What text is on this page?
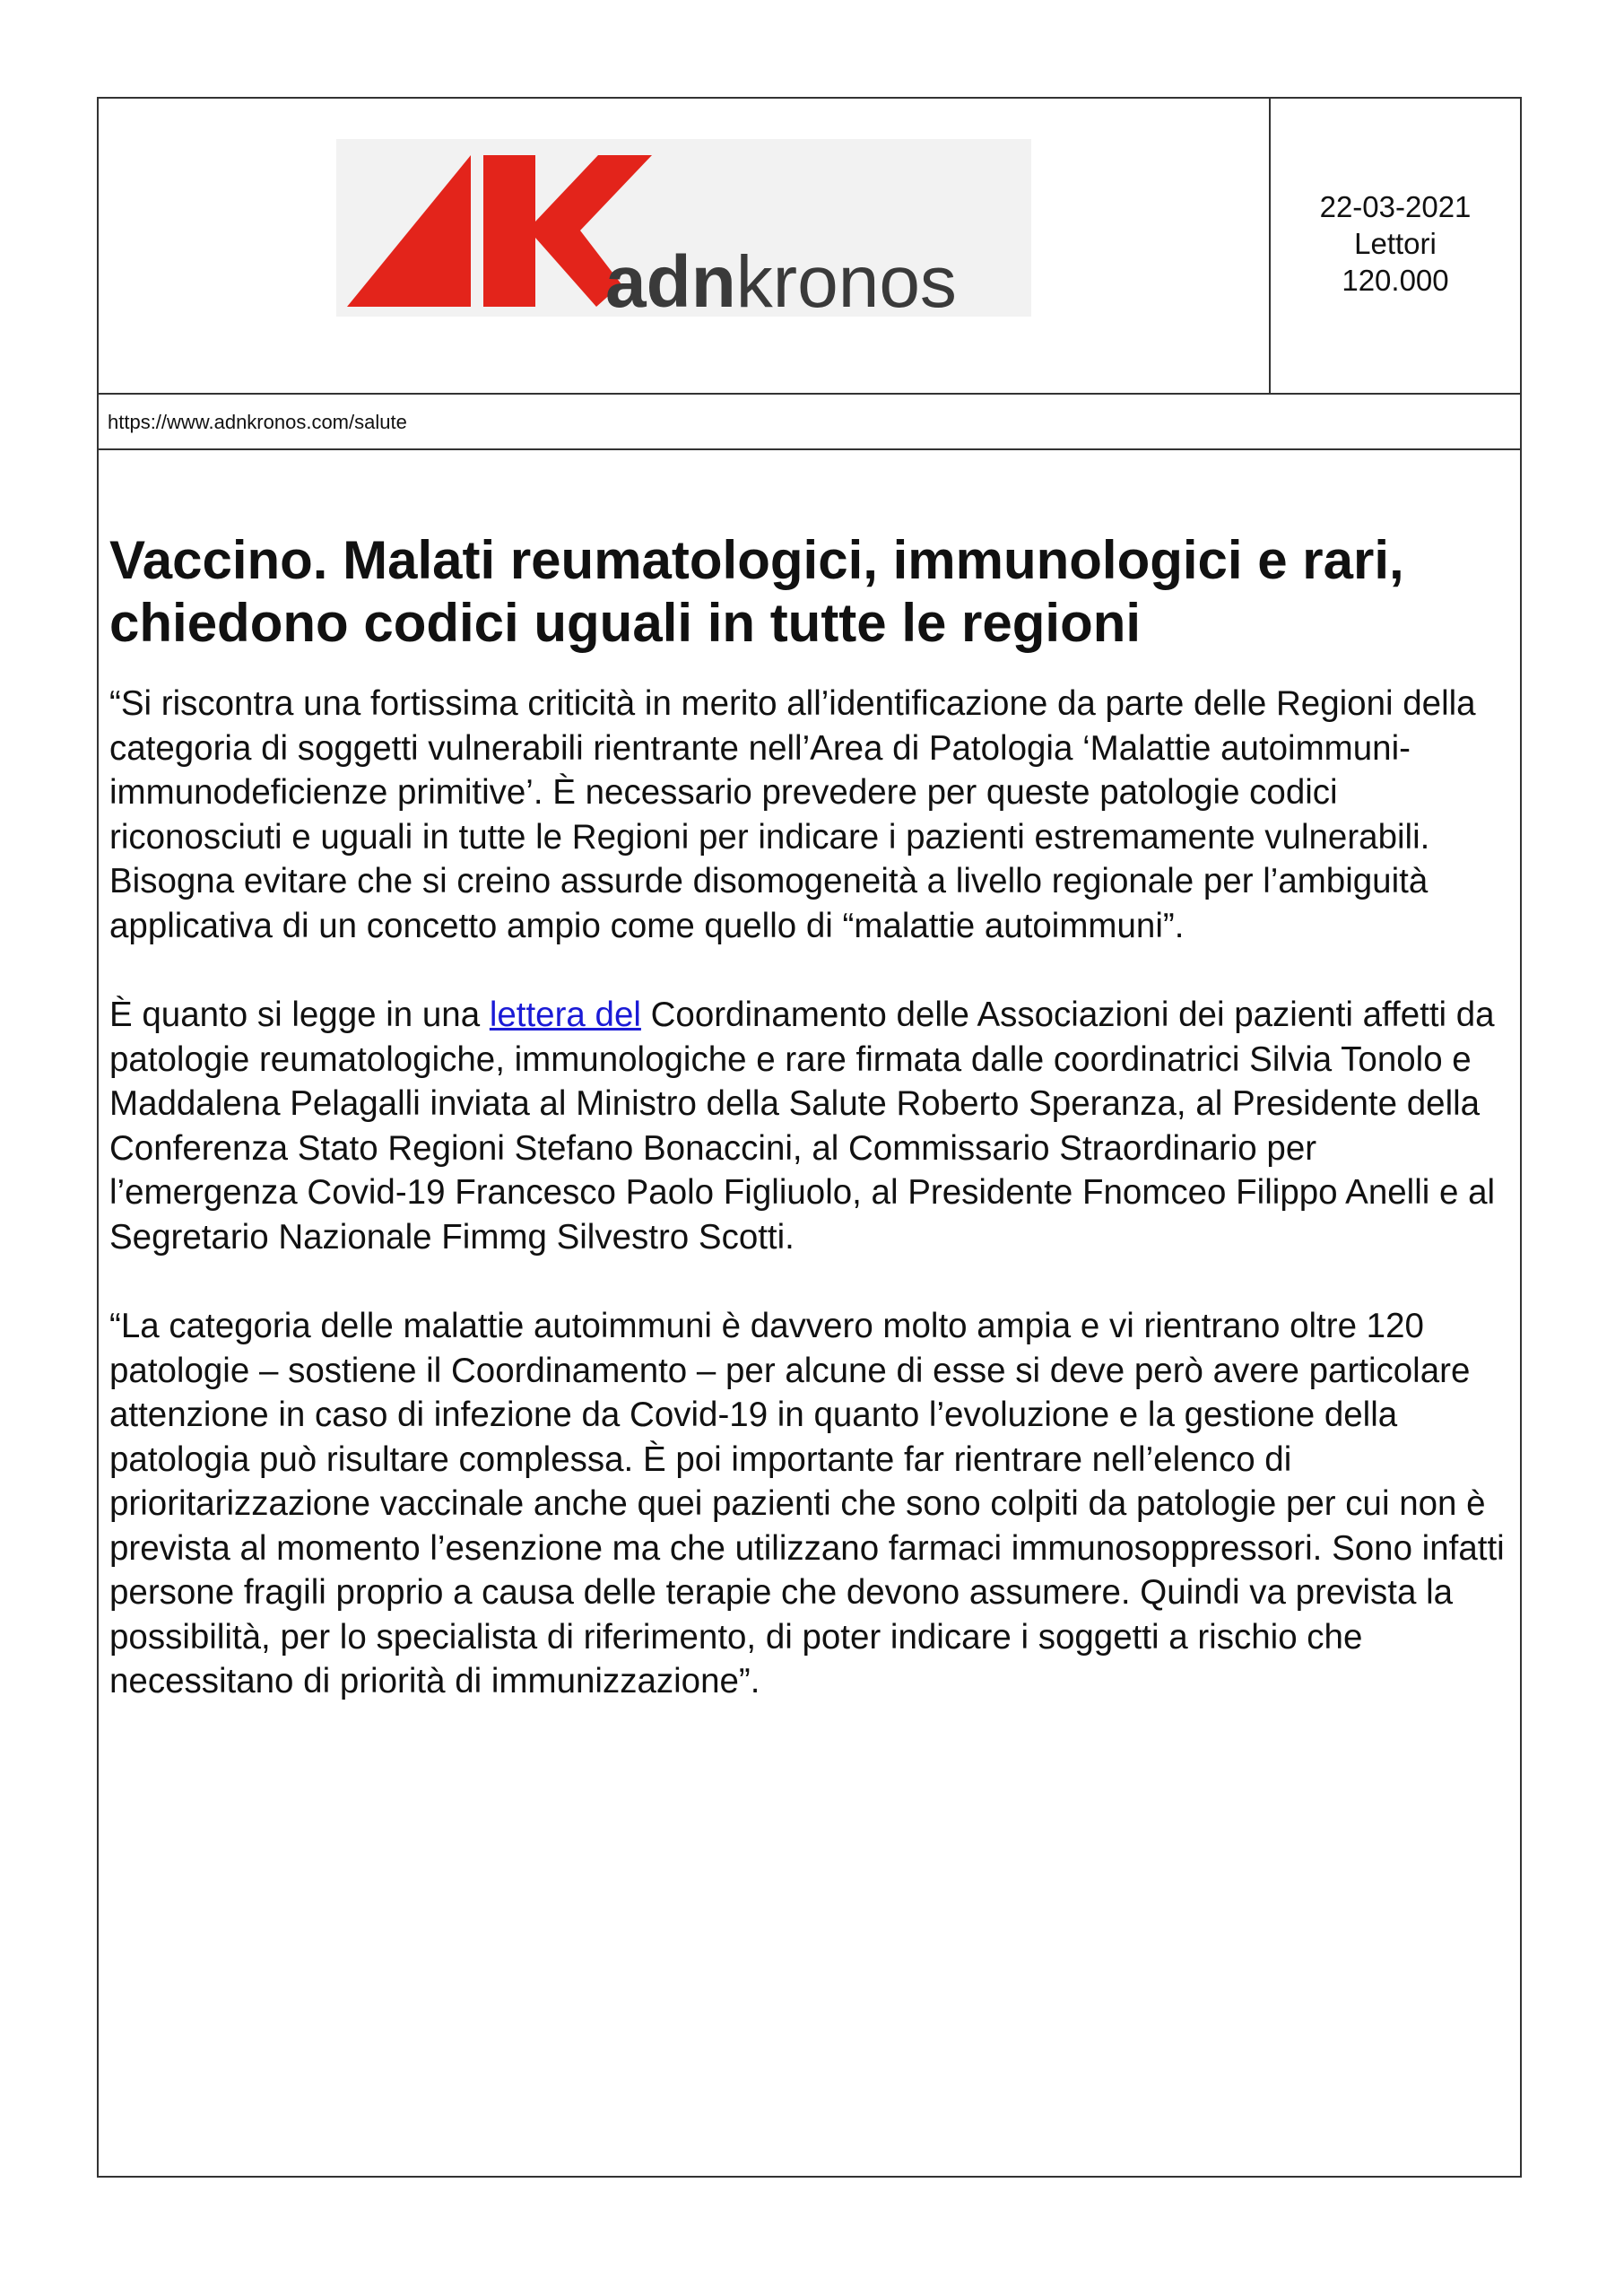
adnkronos
22-03-2021
Lettori
120.000
https://www.adnkronos.com/salute
Vaccino. Malati reumatologici, immunologici e rari, chiedono codici uguali in tutte le regioni

“Si riscontra una fortissima criticità in merito all’identificazione da parte delle Regioni della categoria di soggetti vulnerabili rientrante nell’Area di Patologia ‘Malattie autoimmuni- immunodeficienze primitive’. È necessario prevedere per queste patologie codici riconosciuti e uguali in tutte le Regioni per indicare i pazienti estremamente vulnerabili. Bisogna evitare che si creino assurde disomogeneità a livello regionale per l’ambiguità applicativa di un concetto ampio come quello di “malattie autoimmuni”.

È quanto si legge in una lettera del Coordinamento delle Associazioni dei pazienti affetti da patologie reumatologiche, immunologiche e rare firmata dalle coordinatrici Silvia Tonolo e Maddalena Pelagalli inviata al Ministro della Salute Roberto Speranza, al Presidente della Conferenza Stato Regioni Stefano Bonaccini, al Commissario Straordinario per l’emergenza Covid-19 Francesco Paolo Figliuolo, al Presidente Fnomceo Filippo Anelli e al Segretario Nazionale Fimmg Silvestro Scotti.

“La categoria delle malattie autoimmuni è davvero molto ampia e vi rientrano oltre 120 patologie – sostiene il Coordinamento – per alcune di esse si deve però avere particolare attenzione in caso di infezione da Covid-19 in quanto l’evoluzione e la gestione della patologia può risultare complessa. È poi importante far rientrare nell’elenco di prioritarizzazione vaccinale anche quei pazienti che sono colpiti da patologie per cui non è prevista al momento l’esenzione ma che utilizzano farmaci immunosoppressori. Sono infatti persone fragili proprio a causa delle terapie che devono assumere. Quindi va prevista la possibilità, per lo specialista di riferimento, di poter indicare i soggetti a rischio che necessitano di priorità di immunizzazione”.
